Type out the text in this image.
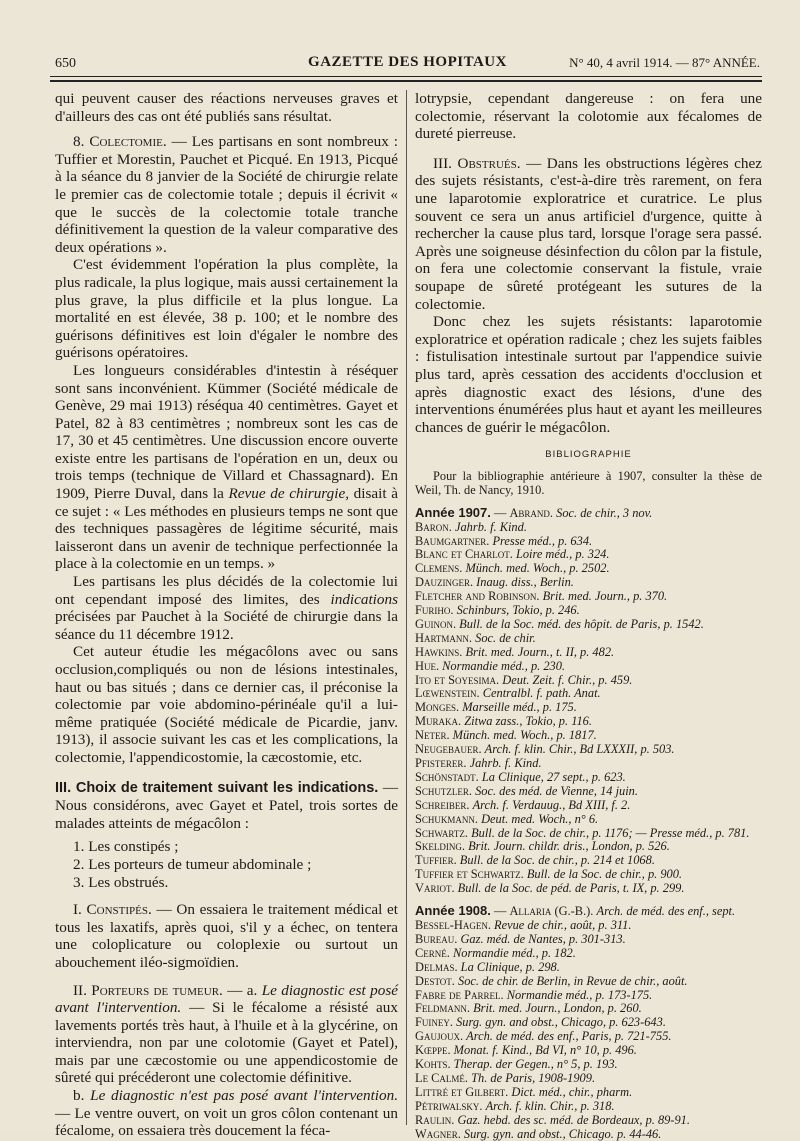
650	GAZETTE DES HOPITAUX	N° 40, 4 avril 1914. — 87° ANNÉE.

qui peuvent causer des réactions nerveuses graves et d'ailleurs des cas ont été publiés sans résultat.

8. Colectomie. — Les partisans en sont nombreux : Tuffier et Morestin, Pauchet et Picqué. En 1913, Picqué à la séance du 8 janvier de la Société de chirurgie relate le premier cas de colectomie totale ; depuis il écrivit « que le succès de la colectomie totale tranche définitivement la question de la valeur comparative des deux opérations ».

C'est évidemment l'opération la plus complète, la plus radicale, la plus logique, mais aussi certainement la plus grave, la plus difficile et la plus longue. La mortalité en est élevée, 38 p. 100; et le nombre des guérisons définitives est loin d'égaler le nombre des guérisons opératoires.

Les longueurs considérables d'intestin à réséquer sont sans inconvénient. Kümmer (Société médicale de Genève, 29 mai 1913) réséqua 40 centimètres. Gayet et Patel, 82 à 83 centimètres ; nombreux sont les cas de 17, 30 et 45 centimètres. Une discussion encore ouverte existe entre les partisans de l'opération en un, deux ou trois temps (technique de Villard et Chassagnard). En 1909, Pierre Duval, dans la Revue de chirurgie, disait à ce sujet : « Les méthodes en plusieurs temps ne sont que des techniques passagères de légitime sécurité, mais laisseront dans un avenir de technique perfectionnée la place à la colectomie en un temps. »

Les partisans les plus décidés de la colectomie lui ont cependant imposé des limites, des indications précisées par Pauchet à la Société de chirurgie dans la séance du 11 décembre 1912.

Cet auteur étudie les mégacôlons avec ou sans occlusion,compliqués ou non de lésions intestinales, haut ou bas situés ; dans ce dernier cas, il préconise la colectomie par voie abdomino-périnéale qu'il a lui-même pratiquée (Société médicale de Picardie, janv. 1913), il associe suivant les cas et les complications, la colectomie, l'appendicostomie, la cæcostomie, etc.

III. Choix de traitement suivant les indications. — Nous considérons, avec Gayet et Patel, trois sortes de malades atteints de mégacôlon :

1. Les constipés ;

2. Les porteurs de tumeur abdominale ;

3. Les obstrués.

I. Constipés. — On essaiera le traitement médical et tous les laxatifs, après quoi, s'il y a échec, on tentera une coloplicature ou coloplexie ou surtout un abouchement iléo-sigmoïdien.

II. Porteurs de tumeur. — a. Le diagnostic est posé avant l'intervention. — Si le fécalome a résisté aux lavements portés très haut, à l'huile et à la glycérine, on interviendra, non par une colotomie (Gayet et Patel), mais par une cæcostomie ou une appendicostomie de sûreté qui précéderont une colectomie définitive.

b. Le diagnostic n'est pas posé avant l'intervention. — Le ventre ouvert, on voit un gros côlon contenant un fécalome, on essaiera très doucement la féca-

lotrypsie, cependant dangereuse : on fera une colectomie, réservant la colotomie aux fécalomes de dureté pierreuse.

III. Obstrués. — Dans les obstructions légères chez des sujets résistants, c'est-à-dire très rarement, on fera une laparotomie exploratrice et curatrice. Le plus souvent ce sera un anus artificiel d'urgence, quitte à rechercher la cause plus tard, lorsque l'orage sera passé. Après une soigneuse désinfection du côlon par la fistule, on fera une colectomie conservant la fistule, vraie soupape de sûreté protégeant les sutures de la colectomie.

Donc chez les sujets résistants: laparotomie exploratrice et opération radicale ; chez les sujets faibles : fistulisation intestinale surtout par l'appendice suivie plus tard, après cessation des accidents d'occlusion et après diagnostic exact des lésions, d'une des interventions énumérées plus haut et ayant les meilleures chances de guérir le mégacôlon.

BIBLIOGRAPHIE

Pour la bibliographie antérieure à 1907, consulter la thèse de Weil, Th. de Nancy, 1910.

Année 1907. — Abrand. Soc. de chir., 3 nov.

Baron. Jahrb. f. Kind.

Baumgartner. Presse méd., p. 634.

Blanc et Charlot. Loire méd., p. 324.

Clemens. Münch. med. Woch., p. 2502.

Dauzinger. Inaug. diss., Berlin.

Fletcher and Robinson. Brit. med. Journ., p. 370.

Furiho. Schinburs, Tokio, p. 246.

Guinon. Bull. de la Soc. méd. des hôpit. de Paris, p. 1542.

Hartmann. Soc. de chir.

Hawkins. Brit. med. Journ., t. II, p. 482.

Hue. Normandie méd., p. 230.

Ito et Soyesima. Deut. Zeit. f. Chir., p. 459.

Lœwenstein. Centralbl. f. path. Anat.

Monges. Marseille méd., p. 175.

Muraka. Zitwa zass., Tokio, p. 116.

Neter. Münch. med. Woch., p. 1817.

Neugebauer. Arch. f. klin. Chir., Bd LXXXII, p. 503.

Pfisterer. Jahrb. f. Kind.

Schönstadt. La Clinique, 27 sept., p. 623.

Schutzler. Soc. des méd. de Vienne, 14 juin.

Schreiber. Arch. f. Verdauug., Bd XIII, f. 2.

Schukmann. Deut. med. Woch., n° 6.

Schwartz. Bull. de la Soc. de chir., p. 1176; — Presse méd., p. 781.

Skelding. Brit. Journ. childr. dris., London, p. 526.

Tuffier. Bull. de la Soc. de chir., p. 214 et 1068.

Tuffier et Schwartz. Bull. de la Soc. de chir., p. 900.

Variot. Bull. de la Soc. de péd. de Paris, t. IX, p. 299.

Année 1908. — Allaria (G.-B.). Arch. de méd. des enf., sept.

Bessel-Hagen. Revue de chir., août, p. 311.

Bureau. Gaz. méd. de Nantes, p. 301-313.

Cerné. Normandie méd., p. 182.

Delmas. La Clinique, p. 298.

Destot. Soc. de chir. de Berlin, in Revue de chir., août.

Fabre de Parrel. Normandie méd., p. 173-175.

Feldmann. Brit. med. Journ., London, p. 260.

Fuiney. Surg. gyn. and obst., Chicago, p. 623-643.

Gaujoux. Arch. de méd. des enf., Paris, p. 721-755.

Kœppe. Monat. f. Kind., Bd VI, n° 10, p. 496.

Kohts. Therap. der Gegen., n° 5, p. 193.

Le Calmé. Th. de Paris, 1908-1909.

Littré et Gilbert. Dict. méd., chir., pharm.

Pétriwalsky. Arch. f. klin. Chir., p. 318.

Raulin. Gaz. hebd. des sc. méd. de Bordeaux, p. 89-91.

Wagner. Surg. gyn. and obst., Chicago. p. 44-46.
